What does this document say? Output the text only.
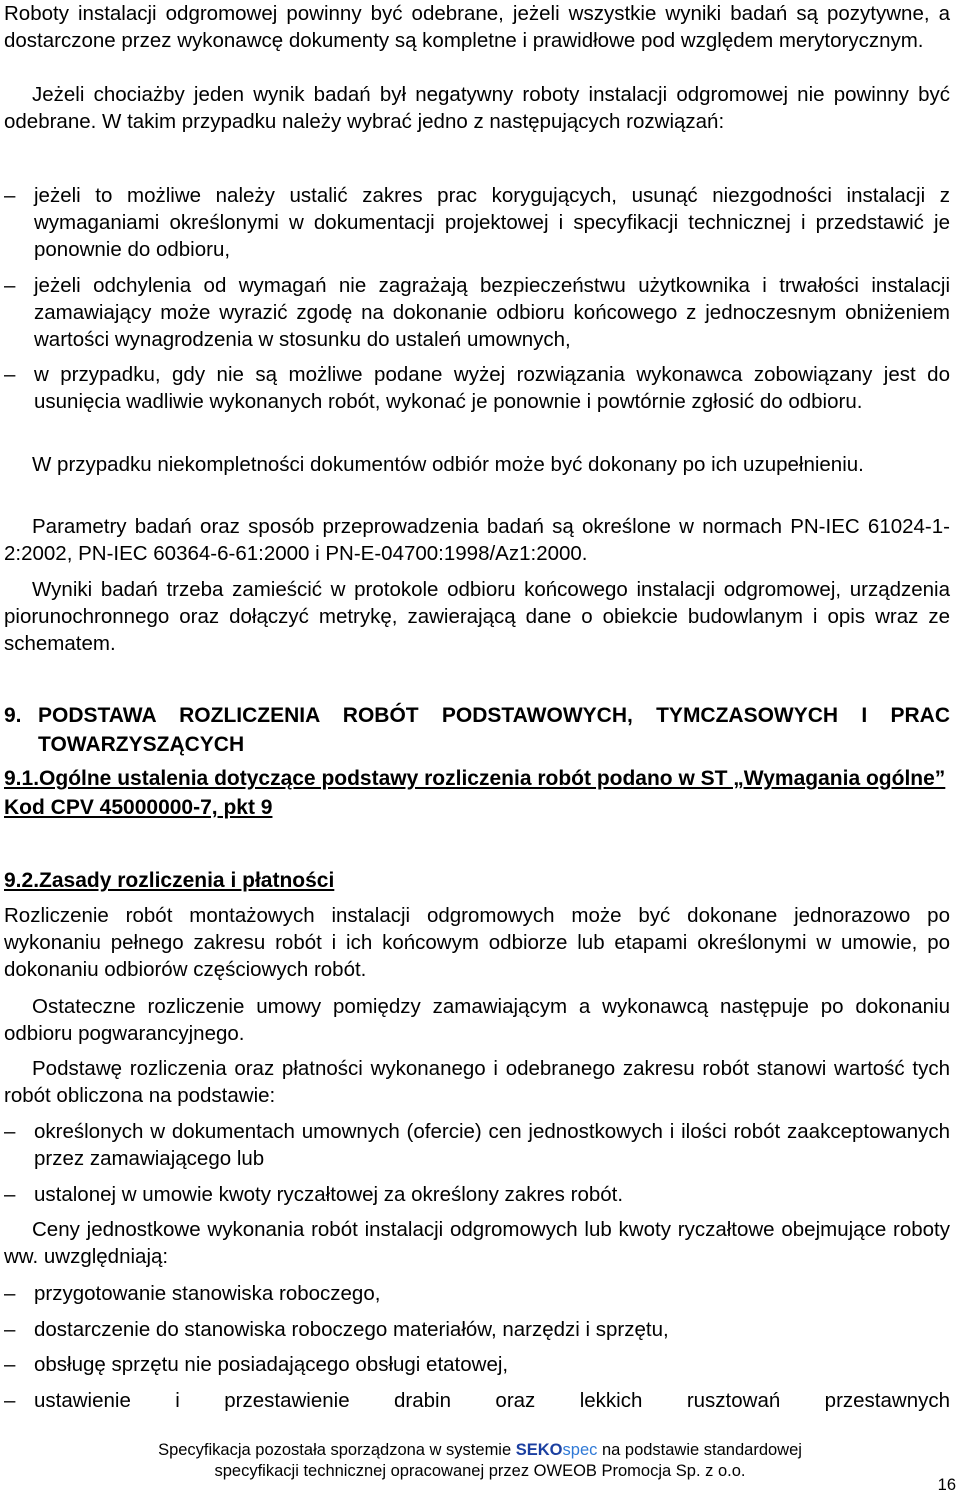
Roboty instalacji odgromowej powinny być odebrane, jeżeli wszystkie wyniki badań są pozytywne, a dostarczone przez wykonawcę dokumenty są kompletne i prawidłowe pod względem merytorycznym.

Jeżeli chociażby jeden wynik badań był negatywny roboty instalacji odgromowej nie powinny być odebrane. W takim przypadku należy wybrać jedno z następujących rozwiązań:

– jeżeli to możliwe należy ustalić zakres prac korygujących, usunąć niezgodności instalacji z wymaganiami określonymi w dokumentacji projektowej i specyfikacji technicznej i przedstawić je ponownie do odbioru,

– jeżeli odchylenia od wymagań nie zagrażają bezpieczeństwu użytkownika i trwałości instalacji zamawiający może wyrazić zgodę na dokonanie odbioru końcowego z jednoczesnym obniżeniem wartości wynagrodzenia w stosunku do ustaleń umownych,

– w przypadku, gdy nie są możliwe podane wyżej rozwiązania wykonawca zobowiązany jest do usunięcia wadliwie wykonanych robót, wykonać je ponownie i powtórnie zgłosić do odbioru.

W przypadku niekompletności dokumentów odbiór może być dokonany po ich uzupełnieniu.

Parametry badań oraz sposób przeprowadzenia badań są określone w normach PN-IEC 61024-1-2:2002, PN-IEC 60364-6-61:2000 i PN-E-04700:1998/Az1:2000.

Wyniki badań trzeba zamieścić w protokole odbioru końcowego instalacji odgromowej, urządzenia piorunochronnego oraz dołączyć metrykę, zawierającą dane o obiekcie budowlanym i opis wraz ze schematem.

9. PODSTAWA ROZLICZENIA ROBÓT PODSTAWOWYCH, TYMCZASOWYCH I PRAC TOWARZYSZĄCYCH
9.1.Ogólne ustalenia dotyczące podstawy rozliczenia robót podano w ST „Wymagania ogólne” Kod CPV 45000000-7, pkt 9
9.2.Zasady rozliczenia i płatności

Rozliczenie robót montażowych instalacji odgromowych może być dokonane jednorazowo po wykonaniu pełnego zakresu robót i ich końcowym odbiorze lub etapami określonymi w umowie, po dokonaniu odbiorów częściowych robót.

Ostateczne rozliczenie umowy pomiędzy zamawiającym a wykonawcą następuje po dokonaniu odbioru pogwarancyjnego.

Podstawę rozliczenia oraz płatności wykonanego i odebranego zakresu robót stanowi wartość tych robót obliczona na podstawie:

– określonych w dokumentach umownych (ofercie) cen jednostkowych i ilości robót zaakceptowanych przez zamawiającego lub

– ustalonej w umowie kwoty ryczałtowej za określony zakres robót.

Ceny jednostkowe wykonania robót instalacji odgromowych lub kwoty ryczałtowe obejmujące roboty ww. uwzględniają:

– przygotowanie stanowiska roboczego,

– dostarczenie do stanowiska roboczego materiałów, narzędzi i sprzętu,

– obsługę sprzętu nie posiadającego obsługi etatowej,

– ustawienie i przestawienie drabin oraz lekkich rusztowań przestawnych

Specyfikacja pozostała sporządzona w systemie SEKOspec na podstawie standardowej
specyfikacji technicznej opracowanej przez OWEOB Promocja Sp. z o.o.
16
